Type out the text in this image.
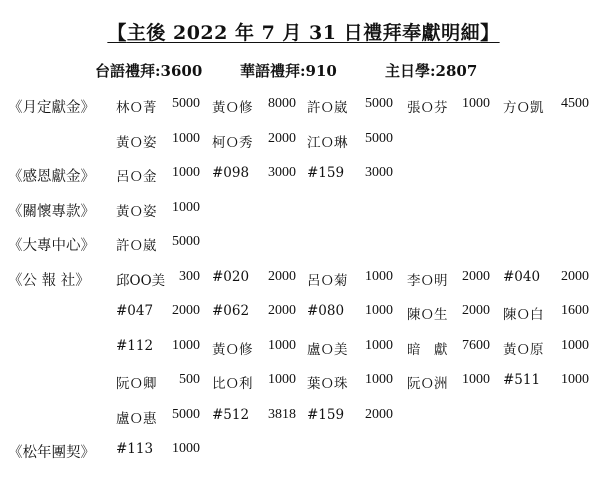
【主後 2022 年 7 月 31 日禮拜奉獻明細】
台語禮拜:3600	華語禮拜:910	主日學:2807
《月定獻金》 林Ｏ菁 5000 黃Ｏ修 8000 許Ｏ崴 5000 張Ｏ芬 1000 方Ｏ凱 4500
黃Ｏ姿 1000 柯Ｏ秀 2000 江Ｏ琳 5000
《感恩獻金》 呂Ｏ金 1000 #098 3000 #159 3000
《關懷專款》 黃Ｏ姿 1000
《大專中心》 許Ｏ崴 5000
《公 報 社》 邱OO美 300 #020 2000 呂Ｏ菊 1000 李Ｏ明 2000 #040 2000
#047 2000 #062 2000 #080 1000 陳Ｏ生 2000 陳Ｏ白 1600
#112 1000 黃Ｏ修 1000 盧Ｏ美 1000 暗　獻 7600 黃Ｏ原 1000
阮Ｏ卿 500 比Ｏ利 1000 葉Ｏ珠 1000 阮Ｏ洲 1000 #511 1000
盧Ｏ惠 5000 #512 3818 #159 2000
《松年團契》 #113 1000
